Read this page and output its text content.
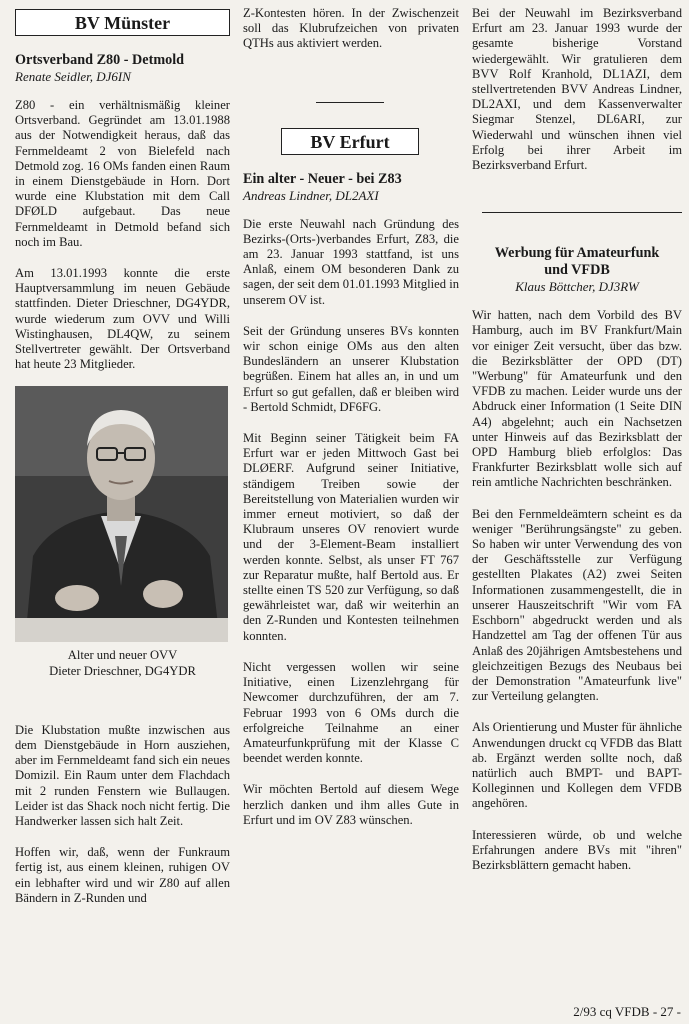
BV Münster
Ortsverband Z80 - Detmold
Renate Seidler, DJ6IN

Z80 - ein verhältnismäßig kleiner Ortsverband. Gegründet am 13.01.1988 aus der Notwendigkeit heraus, daß das Fernmeldeamt 2 von Bielefeld nach Detmold zog. 16 OMs fanden einen Raum in einem Dienstgebäude in Horn. Dort wurde eine Klubstation mit dem Call DFØLD aufgebaut. Das neue Fernmeldeamt in Detmold befand sich noch im Bau.

Am 13.01.1993 konnte die erste Hauptversammlung im neuen Gebäude stattfinden. Dieter Drieschner, DG4YDR, wurde wiederum zum OVV und Willi Wistinghausen, DL4QW, zu seinem Stellvertreter gewählt. Der Ortsverband hat heute 23 Mitglieder.

Alter und neuer OVV
Dieter Drieschner, DG4YDR

Die Klubstation mußte inzwischen aus dem Dienstgebäude in Horn ausziehen, aber im Fernmeldeamt fand sich ein neues Domizil. Ein Raum unter dem Flachdach mit 2 runden Fenstern wie Bullaugen. Leider ist das Shack noch nicht fertig. Die Handwerker lassen sich halt Zeit.

Hoffen wir, daß, wenn der Funkraum fertig ist, aus einem kleinen, ruhigen OV ein lebhafter wird und wir Z80 auf allen Bändern in Z-Runden und

Z-Kontesten hören. In der Zwischenzeit soll das Klubrufzeichen von privaten QTHs aus aktiviert werden.

BV Erfurt
Ein alter - Neuer - bei Z83
Andreas Lindner, DL2AXI

Die erste Neuwahl nach Gründung des Bezirks-(Orts-)verbandes Erfurt, Z83, die am 23. Januar 1993 stattfand, ist uns Anlaß, einem OM besonderen Dank zu sagen, der seit dem 01.01.1993 Mitglied in unserem OV ist.

Seit der Gründung unseres BVs konnten wir schon einige OMs aus den alten Bundesländern an unserer Klubstation begrüßen. Einem hat alles an, in und um Erfurt so gut gefallen, daß er bleiben wird - Bertold Schmidt, DF6FG.

Mit Beginn seiner Tätigkeit beim FA Erfurt war er jeden Mittwoch Gast bei DLØERF. Aufgrund seiner Initiative, ständigem Treiben sowie der Bereitstellung von Materialien wurden wir immer erneut motiviert, so daß der Klubraum unseres OV renoviert wurde und der 3-Element-Beam installiert werden konnte. Selbst, als unser FT 767 zur Reparatur mußte, half Bertold aus. Er stellte einen TS 520 zur Verfügung, so daß gewährleistet war, daß wir weiterhin an den Z-Runden und Kontesten teilnehmen konnten.

Nicht vergessen wollen wir seine Initiative, einen Lizenzlehrgang für Newcomer durchzuführen, der am 7. Februar 1993 von 6 OMs durch die erfolgreiche Teilnahme an einer Amateurfunkprüfung mit der Klasse C beendet werden konnte.

Wir möchten Bertold auf diesem Wege herzlich danken und ihm alles Gute in Erfurt und im OV Z83 wünschen.

Bei der Neuwahl im Bezirksverband Erfurt am 23. Januar 1993 wurde der gesamte bisherige Vorstand wiedergewählt. Wir gratulieren dem BVV Rolf Kranhold, DL1AZI, dem stellvertretenden BVV Andreas Lindner, DL2AXI, und dem Kassenverwalter Siegmar Stenzel, DL6ARI, zur Wiederwahl und wünschen ihnen viel Erfolg bei ihrer Arbeit im Bezirksverband Erfurt.

Werbung für Amateurfunk
und VFDB
Klaus Böttcher, DJ3RW

Wir hatten, nach dem Vorbild des BV Hamburg, auch im BV Frankfurt/Main vor einiger Zeit versucht, über das bzw. die Bezirksblätter der OPD (DT) "Werbung" für Amateurfunk und den VFDB zu machen. Leider wurde uns der Abdruck einer Information (1 Seite DIN A4) abgelehnt; auch ein Nachsetzen unter Hinweis auf das Bezirksblatt der OPD Hamburg blieb erfolglos: Das Frankfurter Bezirksblatt wolle sich auf rein amtliche Nachrichten beschränken.

Bei den Fernmeldeämtern scheint es da weniger "Berührungsängste" zu geben. So haben wir unter Verwendung des von der Geschäftsstelle zur Verfügung gestellten Plakates (A2) zwei Seiten Informationen zusammengestellt, die in unserer Hauszeitschrift "Wir vom FA Eschborn" abgedruckt werden und als Handzettel am Tag der offenen Tür aus Anlaß des 20jährigen Amtsbestehens und gleichzeitigen Bezugs des Neubaus bei der Demonstration "Amateurfunk live" zur Verteilung gelangten.

Als Orientierung und Muster für ähnliche Anwendungen druckt cq VFDB das Blatt ab. Ergänzt werden sollte noch, daß natürlich auch BMPT- und BAPT-Kolleginnen und Kollegen dem VFDB angehören.

Interessieren würde, ob und welche Erfahrungen andere BVs mit "ihren" Bezirksblättern gemacht haben.

2/93 cq VFDB - 27 -
